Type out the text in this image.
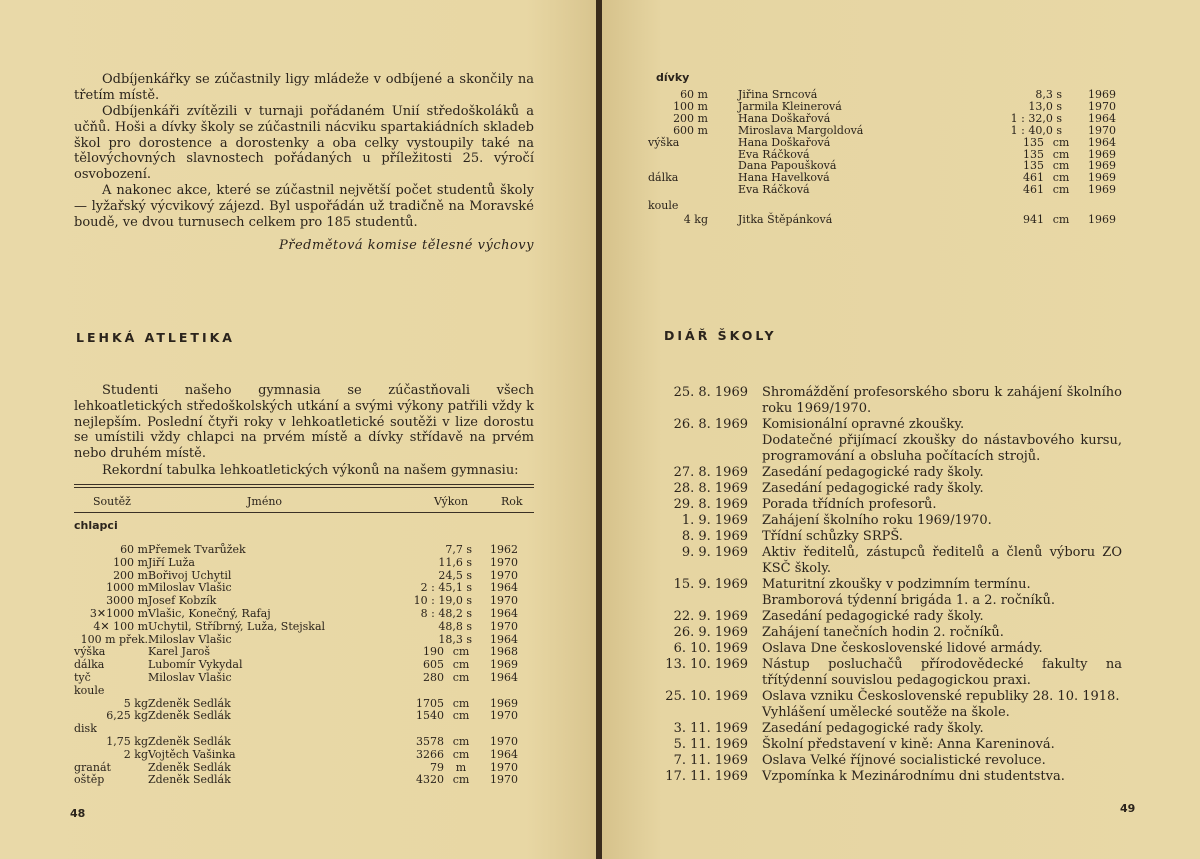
Odbíjenkářky se zúčastnily ligy mládeže v odbíjené a skončily na třetím místě.

Odbíjenkáři zvítězili v turnaji pořádaném Unií středoškoláků a učňů. Hoši a dívky školy se zúčastnili nácviku spartakiádních skladeb škol pro dorostence a dorostenky a oba celky vystoupily také na tělovýchovných slavnostech pořádaných u příležitosti 25. výročí osvobození.

A nakonec akce, které se zúčastnil největší počet studentů školy — lyžařský výcvikový zájezd. Byl uspořádán už tradičně na Moravské boudě, ve dvou turnusech celkem pro 185 studentů.

Předmětová komise tělesné výchovy
LEHKÁ ATLETIKA

Studenti našeho gymnasia se zúčastňovali všech lehkoatletických středoškolských utkání a svými výkony patřili vždy k nejlepším. Poslední čtyři roky v lehkoatletické soutěži v lize dorostu se umístili vždy chlapci na prvém místě a dívky střídavě na prvém nebo druhém místě.

Rekordní tabulka lehkoatletických výkonů na našem gymnasiu:

Soutěž	Jméno	Výkon	Rok
chlapci
60 m Přemek Tvarůžek	7,7 s 1962
100 m Jiří Luža	11,6 s 1970
200 m Bořivoj Uchytil	24,5 s 1970
1000 m Miloslav Vlašic	2 : 45,1 s 1964
3000 m Josef Kobzík	10 : 19,0 s 1970
3✕1000 m Vlašic, Konečný, Rafaj	8 : 48,2 s 1964
4✕ 100 m Uchytil, Stříbrný, Luža, Stejskal	48,8 s 1970
100 m přek. Miloslav Vlašic	18,3 s 1964
výška	Karel Jaroš	190 cm	1968
dálka	Lubomír Vykydal	605 cm	1969
tyč	Miloslav Vlašic	280 cm	1964
koule
5 kg Zdeněk Sedlák	1705 cm	1969
6,25 kg Zdeněk Sedlák	1540 cm	1970
disk
1,75 kg Zdeněk Sedlák	3578 cm	1970
2 kg Vojtěch Vašinka	3266 cm	1964
granát	Zdeněk Sedlák	79	m	1970
oštěp	Zdeněk Sedlák	4320 cm	1970
48	49
dívky
60 m	Jiřina Srncová	8,3 s 1969
100 m	Jarmila Kleinerová	13,0 s 1970
200 m	Hana Doškařová	1 : 32,0 s 1964
600 m	Miroslava Margoldová	1 : 40,0 s 1970
výška	Hana Doškařová	135 cm	1964
Eva Ráčková	135 cm	1969
Dana Papoušková	135 cm	1969
dálka	Hana Havelková	461 cm	1969
Eva Ráčková	461 cm	1969
koule
4 kg	Jitka Štěpánková	941 cm	1969
DIÁŘ ŠKOLY
25. 8. 1969 Shromáždění profesorského sboru k zahájení školního roku 1969/1970.
26. 8. 1969 Komisionální opravné zkoušky.
Dodatečné přijímací zkoušky do nástavbového kursu, programování a obsluha počítacích strojů.
27. 8. 1969 Zasedání pedagogické rady školy.
28. 8. 1969 Zasedání pedagogické rady školy.
29. 8. 1969 Porada třídních profesorů.
1. 9. 1969 Zahájení školního roku 1969/1970.
8. 9. 1969 Třídní schůzky SRPŠ.
9. 9. 1969 Aktiv ředitelů, zástupců ředitelů a členů výboru ZO KSČ školy.
15. 9. 1969 Maturitní zkoušky v podzimním termínu.
Bramborová týdenní brigáda 1. a 2. ročníků.
22. 9. 1969 Zasedání pedagogické rady školy.
26. 9. 1969 Zahájení tanečních hodin 2. ročníků.
6. 10. 1969 Oslava Dne československé lidové armády.
13. 10. 1969 Nástup posluchačů přírodovědecké fakulty na třítýdenní souvislou pedagogickou praxi.
25. 10. 1969 Oslava vzniku Československé republiky 28. 10. 1918.
Vyhlášení umělecké soutěže na škole.
3. 11. 1969 Zasedání pedagogické rady školy.
5. 11. 1969 Školní představení v kině: Anna Kareninová.
7. 11. 1969 Oslava Velké říjnové socialistické revoluce.
17. 11. 1969 Vzpomínka k Mezinárodnímu dni studentstva.
